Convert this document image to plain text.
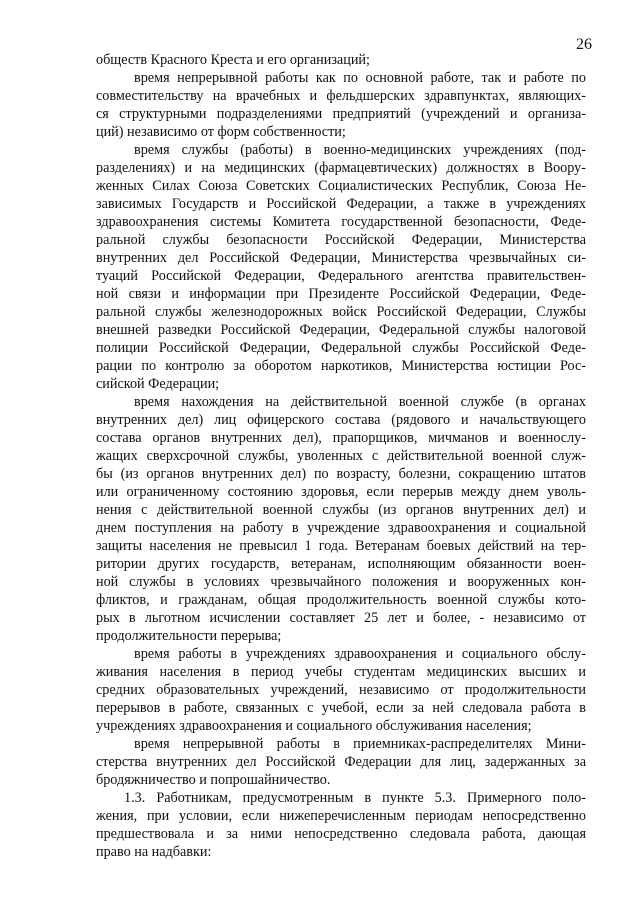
26
обществ Красного Креста и его организаций;
время непрерывной работы как по основной работе, так и работе по
совместительству на врачебных и фельдшерских здравпунктах, являющих-
ся структурными подразделениями предприятий (учреждений и организа-
ций) независимо от форм собственности;
время службы (работы) в военно-медицинских учреждениях (под-
разделениях) и на медицинских (фармацевтических) должностях в Воору-
женных Силах Союза Советских Социалистических Республик, Союза Не-
зависимых Государств и Российской Федерации, а также в учреждениях
здравоохранения системы Комитета государственной безопасности, Феде-
ральной службы безопасности Российской Федерации, Министерства
внутренних дел Российской Федерации, Министерства чрезвычайных си-
туаций Российской Федерации, Федерального агентства правительствен-
ной связи и информации при Президенте Российской Федерации, Феде-
ральной службы железнодорожных войск Российской Федерации, Службы
внешней разведки Российской Федерации, Федеральной службы налоговой
полиции Российской Федерации, Федеральной службы Российской Феде-
рации по контролю за оборотом наркотиков, Министерства юстиции Рос-
сийской Федерации;
время нахождения на действительной военной службе (в органах
внутренних дел) лиц офицерского состава (рядового и начальствующего
состава органов внутренних дел), прапорщиков, мичманов и военнослу-
жащих сверхсрочной службы, уволенных с действительной военной служ-
бы (из органов внутренних дел) по возрасту, болезни, сокращению штатов
или ограниченному состоянию здоровья, если перерыв между днем уволь-
нения с действительной военной службы (из органов внутренних дел) и
днем поступления на работу в учреждение здравоохранения и социальной
защиты населения не превысил 1 года. Ветеранам боевых действий на тер-
ритории других государств, ветеранам, исполняющим обязанности воен-
ной службы в условиях чрезвычайного положения и вооруженных кон-
фликтов, и гражданам, общая продолжительность военной службы кото-
рых в льготном исчислении составляет 25 лет и более, - независимо от
продолжительности перерыва;
время работы в учреждениях здравоохранения и социального обслу-
живания населения в период учебы студентам медицинских высших и
средних образовательных учреждений, независимо от продолжительности
перерывов в работе, связанных с учебой, если за ней следовала работа в
учреждениях здравоохранения и социального обслуживания населения;
время непрерывной работы в приемниках-распределителях Мини-
стерства внутренних дел Российской Федерации для лиц, задержанных за
бродяжничество и попрошайничество.
1.3. Работникам, предусмотренным в пункте 5.3. Примерного поло-
жения, при условии, если нижеперечисленным периодам непосредственно
предшествовала и за ними непосредственно следовала работа, дающая
право на надбавки:
